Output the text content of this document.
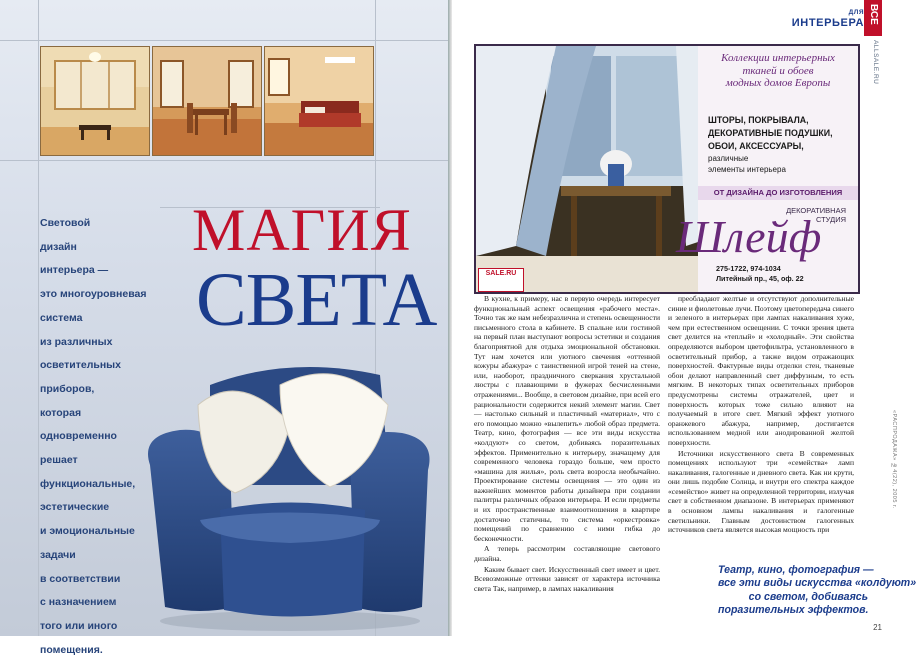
Световой
дизайн
интерьера —
это многоуровневая
система
из различных
осветительных
приборов,
которая
одновременно
решает
функциональные,
эстетические
и эмоциональные
задачи
в соответствии
с назначением
того или иного
помещения.
МАГИЯ
СВЕТА
ДЛЯ
ИНТЕРЬЕРА ВСЕ
ALLSALE.RU
«РАСПРОДАЖА» №4(22), 2005 г.
Коллекции интерьерных
тканей и обоев
модных домов Европы
ШТОРЫ, ПОКРЫВАЛА,
ДЕКОРАТИВНЫЕ ПОДУШКИ,
ОБОИ, АКСЕССУАРЫ,
различные
элементы интерьера
ОТ ДИЗАЙНА ДО ИЗГОТОВЛЕНИЯ
ДЕКОРАТИВНАЯ
СТУДИЯ
Шлейф
275-1722, 974-1034
Литейный пр., 45, оф. 22
SALE.RU

В кухне, к примеру, нас в первую очередь интересует функциональный аспект освещения «рабочего места». Точно так же нам небезразлична и степень освещенности письменного стола в кабинете. В спальне или гостиной на первый план выступают вопросы эстетики и создания благоприятной для отдыха эмоциональной обстановки. Тут нам хочется или уютного свечения «оттенной кожуры абажура» с таинственной игрой теней на стене, или, наоборот, праздничного сверкания хрустальной люстры с плавающими в фужерах бесчисленными отражениями... Вообще, в световом дизайне, при всей его рациональности содержится некий элемент магии. Свет — настолько сильный и пластичный «материал», что с его помощью можно «вылепить» любой образ предмета. Театр, кино, фотография — все эти виды искусства «колдуют» со светом, добиваясь поразительных эффектов. Применительно к интерьеру, значащему для современного человека гораздо больше, чем просто «машина для жилья», роль света возросла необычайно. Проектирование системы освещения — это один из важнейших моментов работы дизайнера при создании палитры различных образов интерьера. И если предметы и их пространственные взаимоотношения в квартире достаточно статичны, то система «оркестровка» помещений по сравнению с ними гибка до бесконечности.

А теперь рассмотрим составляющие светового дизайна.

Каким бывает свет. Искусственный свет имеет и цвет. Всевозможные оттенки зависят от характера источника света Так, например, в лампах накаливания

преобладают желтые и отсутствуют дополнительные синие и фиолетовые лучи. Поэтому цветопередача синего и зеленого в интерьерах при лампах накаливания хуже, чем при естественном освещении. С точки зрения цвета свет делится на «теплый» и «холодный». Эти свойства определяются выбором цветофильтра, установленного в осветительный прибор, а также видом отражающих поверхностей. Фактурные виды отделки стен, тканевые обои делают направленный свет диффузным, то есть мягким. В некоторых типах осветительных приборов предусмотрены системы отражателей, цвет и поверхность которых тоже сильно влияют на получаемый в итоге свет. Мягкий эффект уютного оранжевого абажура, например, достигается использованием медной или анодированной желтой поверхности.

Источники искусственного света В современных помещениях используют три «семейства» ламп накаливания, галогенные и дневного света. Как ни крути, они лишь подобие Солнца, и внутри его спектра каждое «семейство» живет на определенной территории, излучая свет в собственном диапазоне. В интерьерах применяют в основном лампы накаливания и галогенные светильники. Главным достоинством галогенных источников света является высокая мощность при

Театр, кино, фотография —
все эти виды искусства «колдуют»
со светом, добиваясь
поразительных эффектов.
21
